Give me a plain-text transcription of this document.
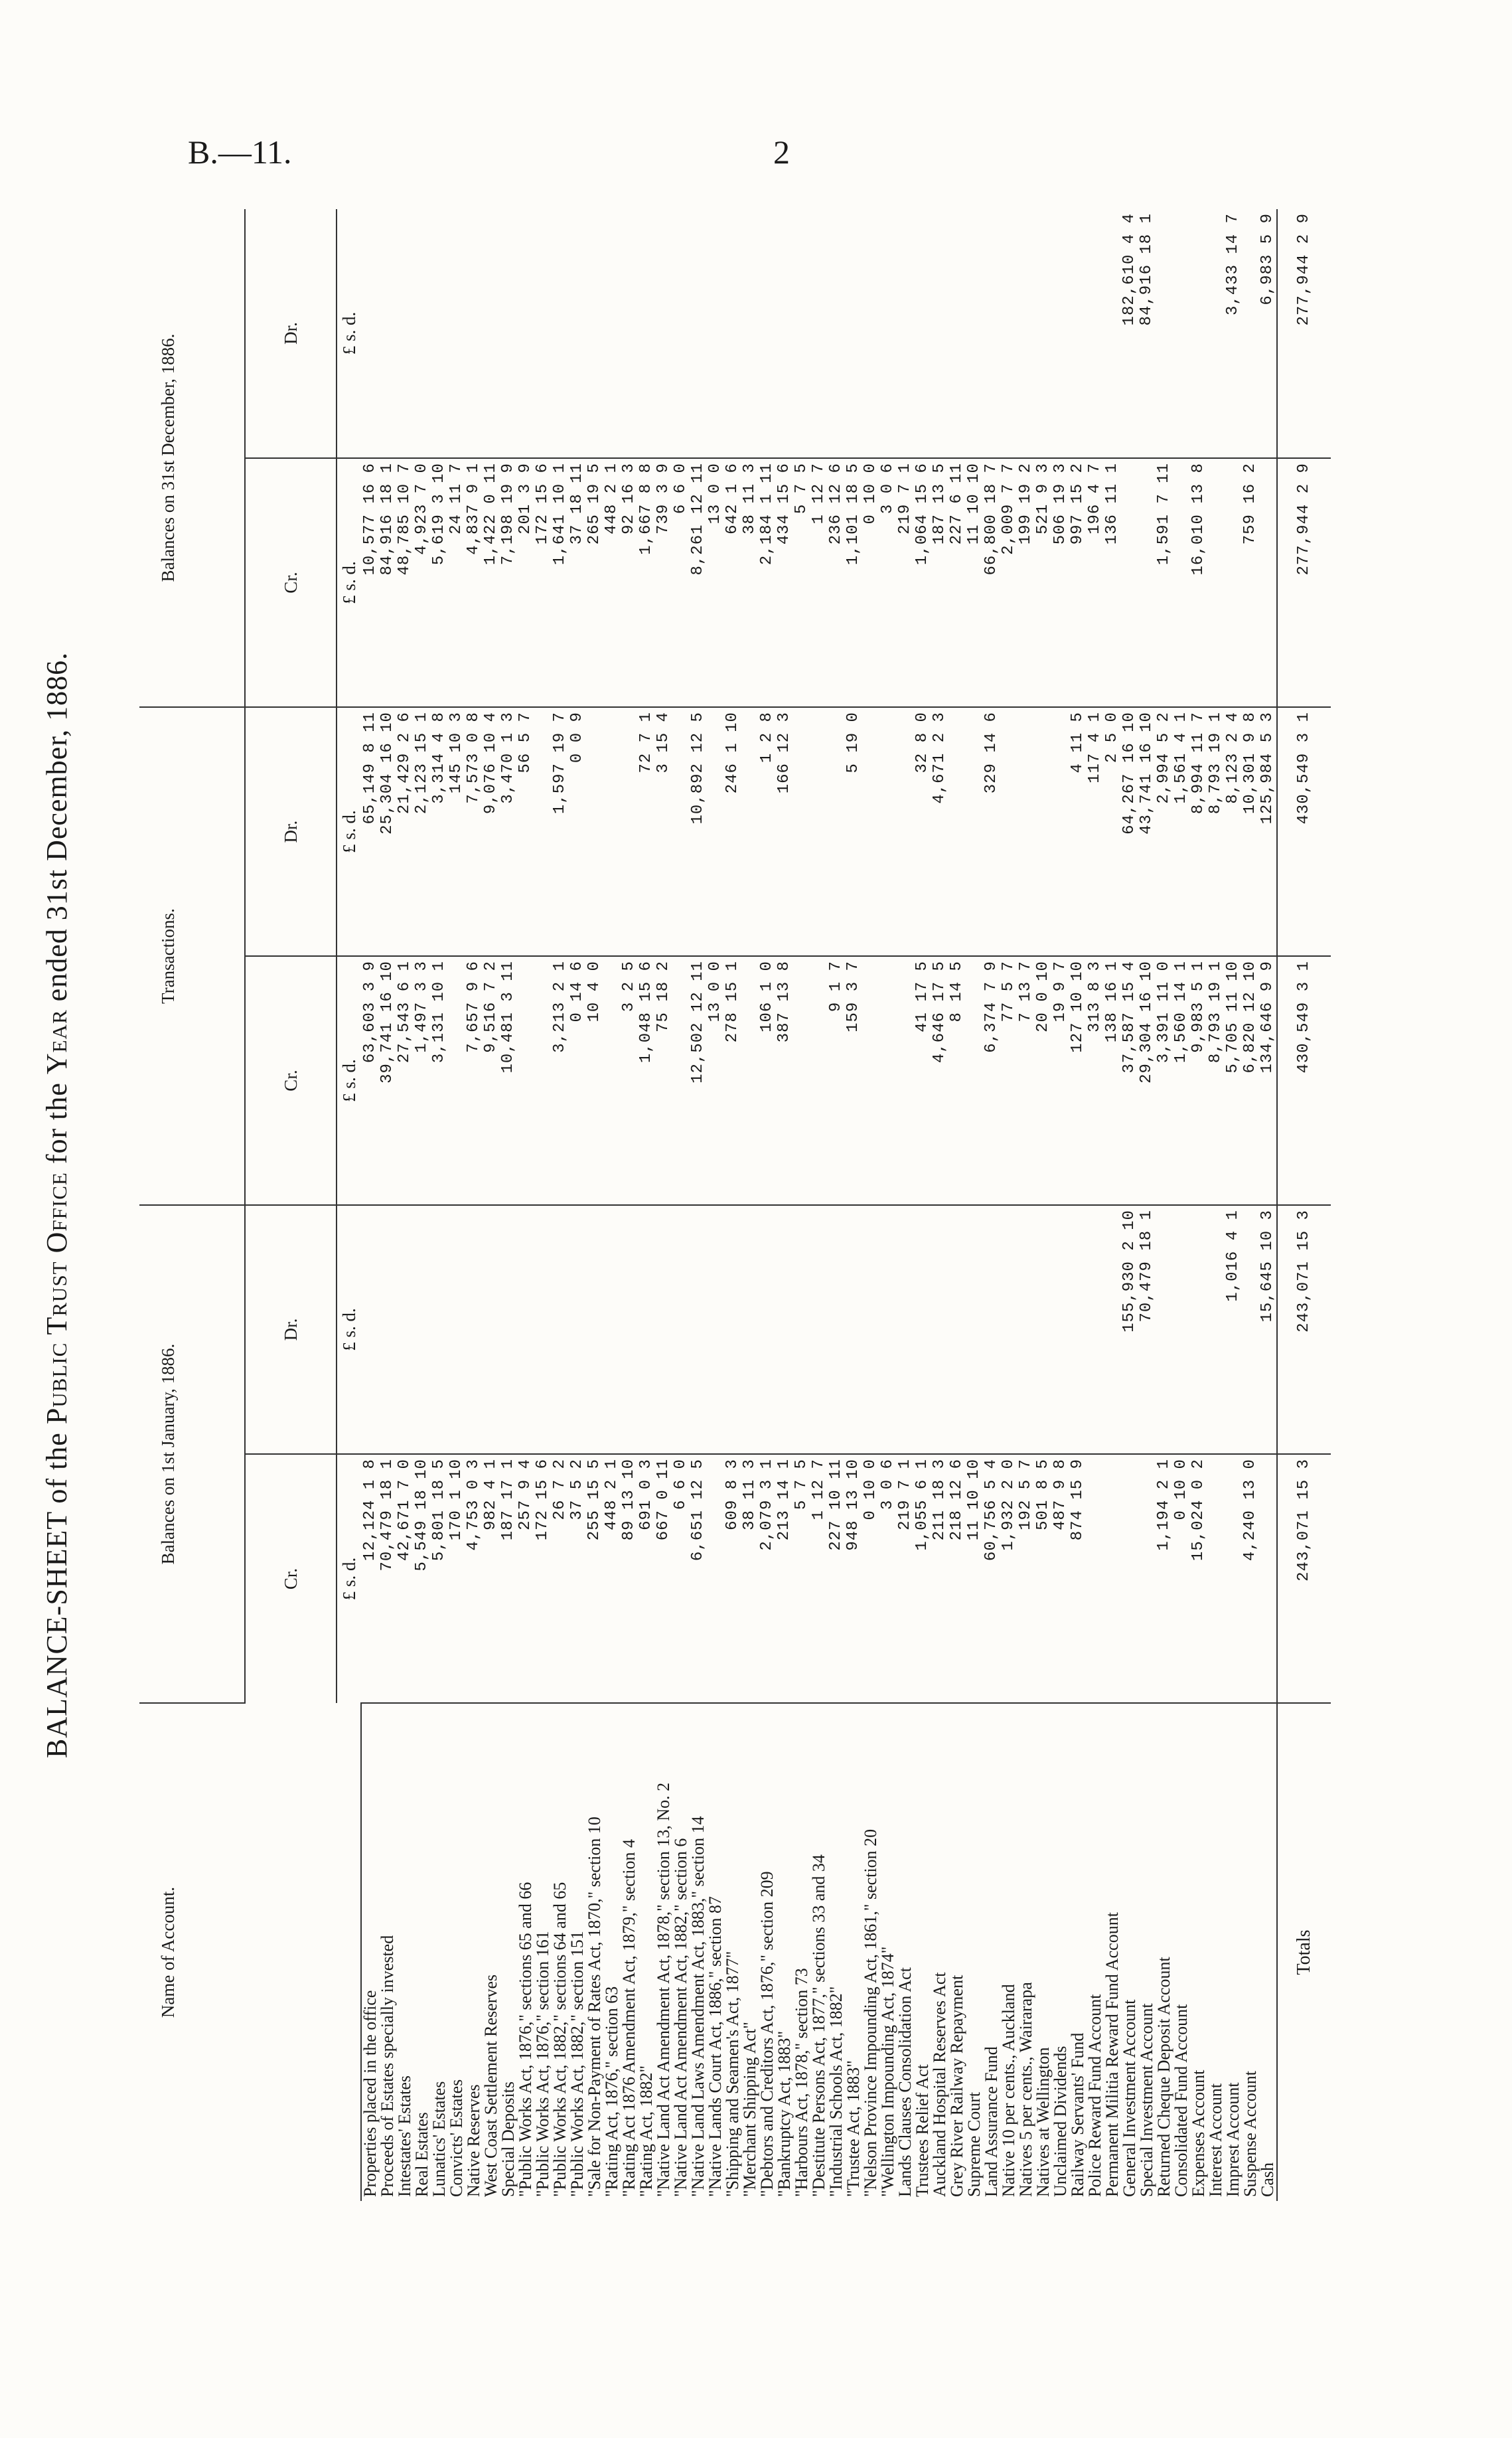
B.—11.	2
BALANCE-SHEET of the Public Trust Office for the Year ended 31st December, 1886.
Name of Account.	Balances on 1st January, 1886.		Transactions.		Balances on 31st December, 1886.	
	Cr.	Dr.	Cr.	Dr.	Cr.	Dr.
	£ s. d.	£ s. d.	£ s. d.	£ s. d.	£ s. d.	£ s. d.
Properties placed in the office	12,124 1 8		63,603 3 9	65,149 8 11	10,577 16 6	
Proceeds of Estates specially invested	70,479 18 1		39,741 16 10	25,304 16 10	84,916 18 1	
Intestates' Estates	42,671 7 0		27,543 6 1	21,429 2 6	48,785 10 7	
Real Estates	5,549 18 10		1,497 3 3	2,123 15 1	4,923 7 0	
Lunatics' Estates	5,801 18 5		3,131 10 1	3,314 4 8	5,619 3 10	
Convicts' Estates	170 1 10			145 10 3	24 11 7	
Native Reserves	4,753 0 3		7,657 9 6	7,573 0 8	4,837 9 1	
West Coast Settlement Reserves	982 4 1		9,516 7 2	9,076 10 4	1,422 0 11	
Special Deposits	187 17 1		10,481 3 11	3,470 1 3	7,198 19 9	
"Public Works Act, 1876," sections 65 and 66	257 9 4			56 5 7	201 3 9	
"Public Works Act, 1876," section 161	172 15 6				172 15 6	
"Public Works Act, 1882," sections 64 and 65	26 7 2		3,213 2 1	1,597 19 7	1,641 10 1	
"Public Works Act, 1882," section 151	37 5 2		0 14 6	0 0 9	37 18 11	
"Sale for Non-Payment of Rates Act, 1870," section 10	255 15 5		10 4 0		265 19 5	
"Rating Act, 1876," section 63	448 2 1				448 2 1	
"Rating Act 1876 Amendment Act, 1879," section 4	89 13 10		3 2 5		92 16 3	
"Rating Act, 1882"	691 0 3		1,048 15 6	72 7 1	1,667 8 8	
"Native Land Act Amendment Act, 1878," section 13, No. 2	667 0 11		75 18 2	3 15 4	739 3 9	
"Native Land Act Amendment Act, 1882," section 6	6 6 0				6 6 0	
"Native Land Laws Amendment Act, 1883," section 14	6,651 12 5		12,502 12 11	10,892 12 5	8,261 12 11	
"Native Lands Court Act, 1886," section 87			13 0 0		13 0 0	
"Shipping and Seamen's Act, 1877"	609 8 3		278 15 1	246 1 10	642 1 6	
"Merchant Shipping Act"	38 11 3				38 11 3	
"Debtors and Creditors Act, 1876," section 209	2,079 3 1		106 1 0	1 2 8	2,184 1 11	
"Bankruptcy Act, 1883"	213 14 1		387 13 8	166 12 3	434 15 6	
"Harbours Act, 1878," section 73	5 7 5				5 7 5	
"Destitute Persons Act, 1877," sections 33 and 34	1 12 7				1 12 7	
"Industrial Schools Act, 1882"	227 10 11		9 1 7		236 12 6	
"Trustee Act, 1883"	948 13 10		159 3 7	5 19 0	1,101 18 5	
"Nelson Province Impounding Act, 1861," section 20	0 10 0				0 10 0	
"Wellington Impounding Act, 1874"	3 0 6				3 0 6	
Lands Clauses Consolidation Act	219 7 1				219 7 1	
Trustees Relief Act	1,055 6 1		41 17 5	32 8 0	1,064 15 6	
Auckland Hospital Reserves Act	211 18 3		4,646 17 5	4,671 2 3	187 13 5	
Grey River Railway Repayment	218 12 6		8 14 5		227 6 11	
Supreme Court	11 10 10				11 10 10	
Land Assurance Fund	60,756 5 4		6,374 7 9	329 14 6	66,800 18 7	
Native 10 per cents., Auckland	1,932 2 0		77 5 7		2,009 7 7	
Natives 5 per cents., Wairarapa	192 5 7		7 13 7		199 19 2	
Natives at Wellington	501 8 5		20 0 10		521 9 3	
Unclaimed Dividends	487 9 8		19 9 7		506 19 3	
Railway Servants' Fund	874 15 9		127 10 10	4 11 5	997 15 2	
Police Reward Fund Account			313 8 3	117 4 1	196 4 7	
Permanent Militia Reward Fund Account			138 16 1	2 5 0	136 11 1	
General Investment Account		155,930 2 10	37,587 15 4	64,267 16 10		182,610 4 4
Special Investment Account		70,479 18 1	29,304 16 10	43,741 16 10		84,916 18 1
Returned Cheque Deposit Account	1,194 2 1		3,391 11 0	2,994 5 2	1,591 7 11	
Consolidated Fund Account	0 10 0		1,560 14 1	1,561 4 1		
Expenses Account	15,024 0 2		9,983 5 1	8,994 11 7	16,010 13 8	
Interest Account			8,793 19 1	8,793 19 1		
Imprest Account		1,016 4 1	5,705 11 10	8,123 2 4		3,433 14 7
Suspense Account	4,240 13 0		6,820 12 10	10,301 9 8	759 16 2	
Cash		15,645 10 3	134,646 9 9	125,984 5 3		6,983 5 9
Totals	243,071 15 3	243,071 15 3	430,549 3 1	430,549 3 1	277,944 2 9	277,944 2 9
